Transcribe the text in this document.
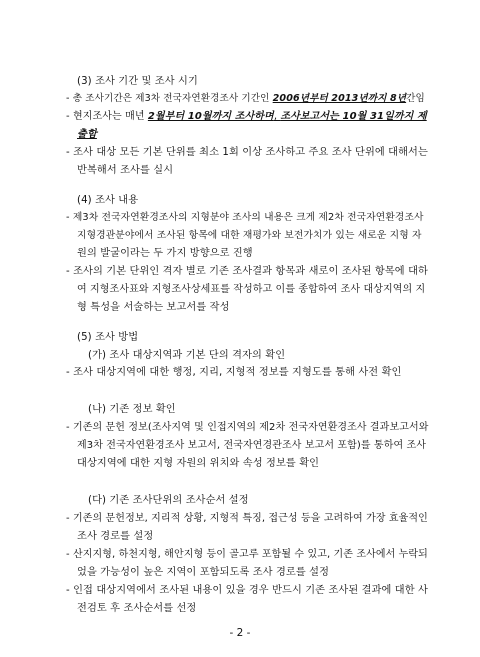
(3) 조사 기간 및 조사 시기
- 총 조사기간은 제3차 전국자연환경조사 기간인 2006년부터 2013년까지 8년간임
- 현지조사는 매년 2월부터 10월까지 조사하며, 조사보고서는 10월 31일까지 제
출함
- 조사 대상 모든 기본 단위를 최소 1회 이상 조사하고 주요 조사 단위에 대해서는
반복해서 조사를 실시
(4) 조사 내용
- 제3차 전국자연환경조사의 지형분야 조사의 내용은 크게 제2차 전국자연환경조사
지형경관분야에서 조사된 항목에 대한 재평가와 보전가치가 있는 새로운 지형 자
원의 발굴이라는 두 가지 방향으로 진행
- 조사의 기본 단위인 격자 별로 기존 조사결과 항목과 새로이 조사된 항목에 대하
여 지형조사표와 지형조사상세표를 작성하고 이를 종합하여 조사 대상지역의 지
형 특성을 서술하는 보고서를 작성
(5) 조사 방법
(가) 조사 대상지역과 기본 단의 격자의 확인
- 조사 대상지역에 대한 행정, 지리, 지형적 정보를 지형도를 통해 사전 확인
(나) 기존 정보 확인
- 기존의 문헌 정보(조사지역 및 인접지역의 제2차 전국자연환경조사 결과보고서와
제3차 전국자연환경조사 보고서, 전국자연경관조사 보고서 포함)를 통하여 조사
대상지역에 대한 지형 자원의 위치와 속성 정보를 확인
(다) 기존 조사단위의 조사순서 설정
- 기존의 문헌정보, 지리적 상황, 지형적 특징, 접근성 등을 고려하여 가장 효율적인
조사 경로를 설정
- 산지지형, 하천지형, 해안지형 등이 골고루 포함될 수 있고, 기존 조사에서 누락되
었을 가능성이 높은 지역이 포함되도록 조사 경로를 설정
- 인접 대상지역에서 조사된 내용이 있을 경우 반드시 기존 조사된 결과에 대한 사
전검토 후 조사순서를 선정
- 2 -
